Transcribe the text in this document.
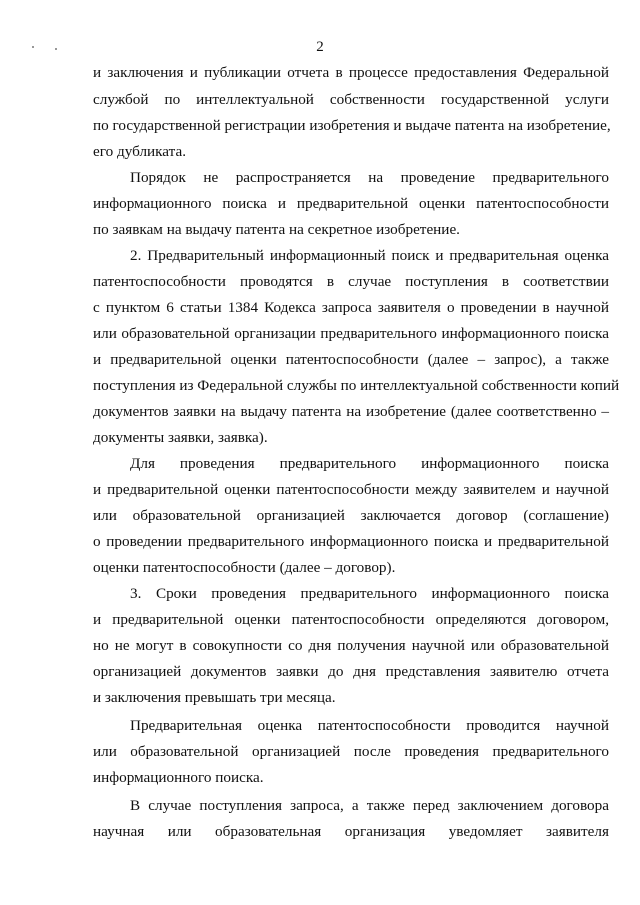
2
и заключения и публикации отчета в процессе предоставления Федеральной
службой по интеллектуальной собственности государственной услуги
по государственной регистрации изобретения и выдаче патента на изобретение,
его дубликата.
Порядок не распространяется на проведение предварительного
информационного поиска и предварительной оценки патентоспособности
по заявкам на выдачу патента на секретное изобретение.
2. Предварительный информационный поиск и предварительная оценка
патентоспособности проводятся в случае поступления в соответствии
с пунктом 6 статьи 1384 Кодекса запроса заявителя о проведении в научной
или образовательной организации предварительного информационного поиска
и предварительной оценки патентоспособности (далее – запрос), а также
поступления из Федеральной службы по интеллектуальной собственности копий
документов заявки на выдачу патента на изобретение (далее соответственно –
документы заявки, заявка).
Для проведения предварительного информационного поиска
и предварительной оценки патентоспособности между заявителем и научной
или образовательной организацией заключается договор (соглашение)
о проведении предварительного информационного поиска и предварительной
оценки патентоспособности (далее – договор).
3. Сроки проведения предварительного информационного поиска
и предварительной оценки патентоспособности определяются договором,
но не могут в совокупности со дня получения научной или образовательной
организацией документов заявки до дня представления заявителю отчета
и заключения превышать три месяца.
Предварительная оценка патентоспособности проводится научной
или образовательной организацией после проведения предварительного
информационного поиска.
В случае поступления запроса, а также перед заключением договора
научная или образовательная организация уведомляет заявителя
